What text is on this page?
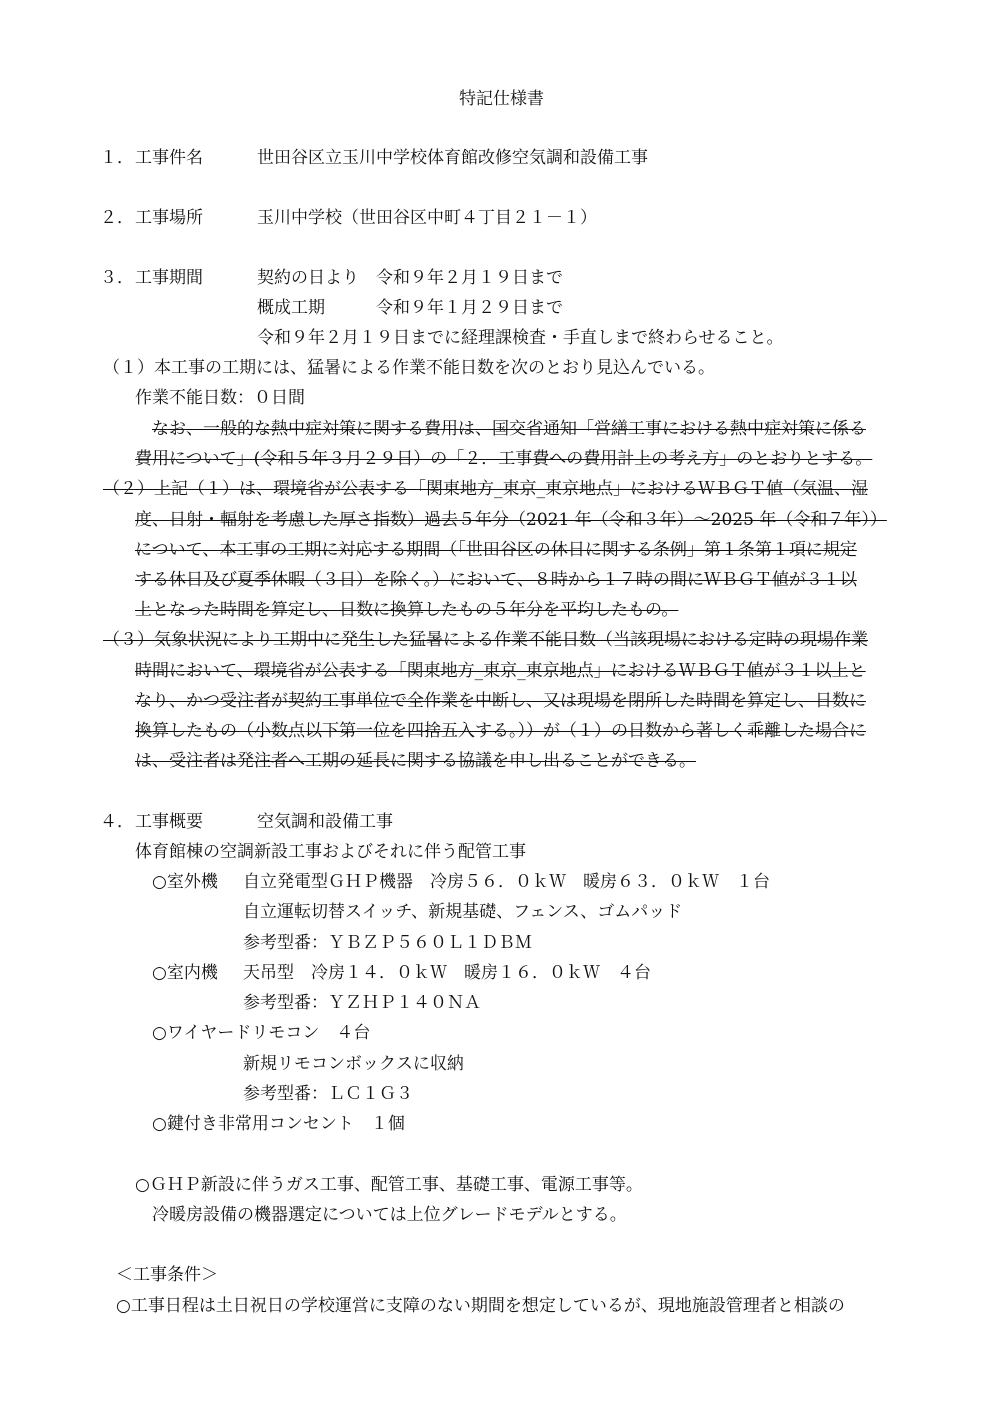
特記仕様書
１． 工事件名	世田谷区立玉川中学校体育館改修空気調和設備工事
２． 工事場所	玉川中学校（世田谷区中町４丁目２１－１）
３． 工事期間	契約の日より　令和９年２月１９日まで
概成工期　　　令和９年１月２９日まで
令和９年２月１９日までに経理課検査・手直しまで終わらせること。
（１）本工事の工期には、猛暑による作業不能日数を次のとおり見込んでいる。
作業不能日数：０日間
なお、一般的な熱中症対策に関する費用は、国交省通知「営繕工事における熱中症対策に係る
費用について」(令和５年３月２９日）の「２．工事費への費用計上の考え方」のとおりとする。
（２）上記（１）は、環境省が公表する「関東地方_東京_東京地点」におけるＷＢＧＴ値（気温、湿
度、日射・輻射を考慮した厚さ指数）過去５年分（2021 年（令和３年）～2025 年（令和７年））
について、本工事の工期に対応する期間（「世田谷区の休日に関する条例」第１条第１項に規定
する休日及び夏季休暇（３日）を除く。）において、８時から１７時の間にＷＢＧＴ値が３１以
上となった時間を算定し、日数に換算したもの５年分を平均したもの。
（３）気象状況により工期中に発生した猛暑による作業不能日数（当該現場における定時の現場作業
時間において、環境省が公表する「関東地方_東京_東京地点」におけるＷＢＧＴ値が３１以上と
なり、かつ受注者が契約工事単位で全作業を中断し、又は現場を閉所した時間を算定し、日数に
換算したもの（小数点以下第一位を四捨五入する。））が（１）の日数から著しく乖離した場合に
は、受注者は発注者へ工期の延長に関する協議を申し出ることができる。
４． 工事概要	空気調和設備工事
体育館棟の空調新設工事およびそれに伴う配管工事
○室外機 自立発電型ＧＨＰ機器　冷房５６．０ｋＷ　暖房６３．０ｋＷ　１台
自立運転切替スイッチ、新規基礎、フェンス、ゴムパッド
参考型番：ＹＢＺＰ５６０Ｌ１ＤＢＭ
○室内機 天吊型　冷房１４．０ｋＷ　暖房１６．０ｋＷ　４台
参考型番：ＹＺＨＰ１４０ＮＡ
○ワイヤードリモコン　４台
新規リモコンボックスに収納
参考型番：ＬＣ１Ｇ３
○鍵付き非常用コンセント　１個
○ＧＨＰ新設に伴うガス工事、配管工事、基礎工事、電源工事等。
冷暖房設備の機器選定については上位グレードモデルとする。
＜工事条件＞
○工事日程は土日祝日の学校運営に支障のない期間を想定しているが、現地施設管理者と相談の
